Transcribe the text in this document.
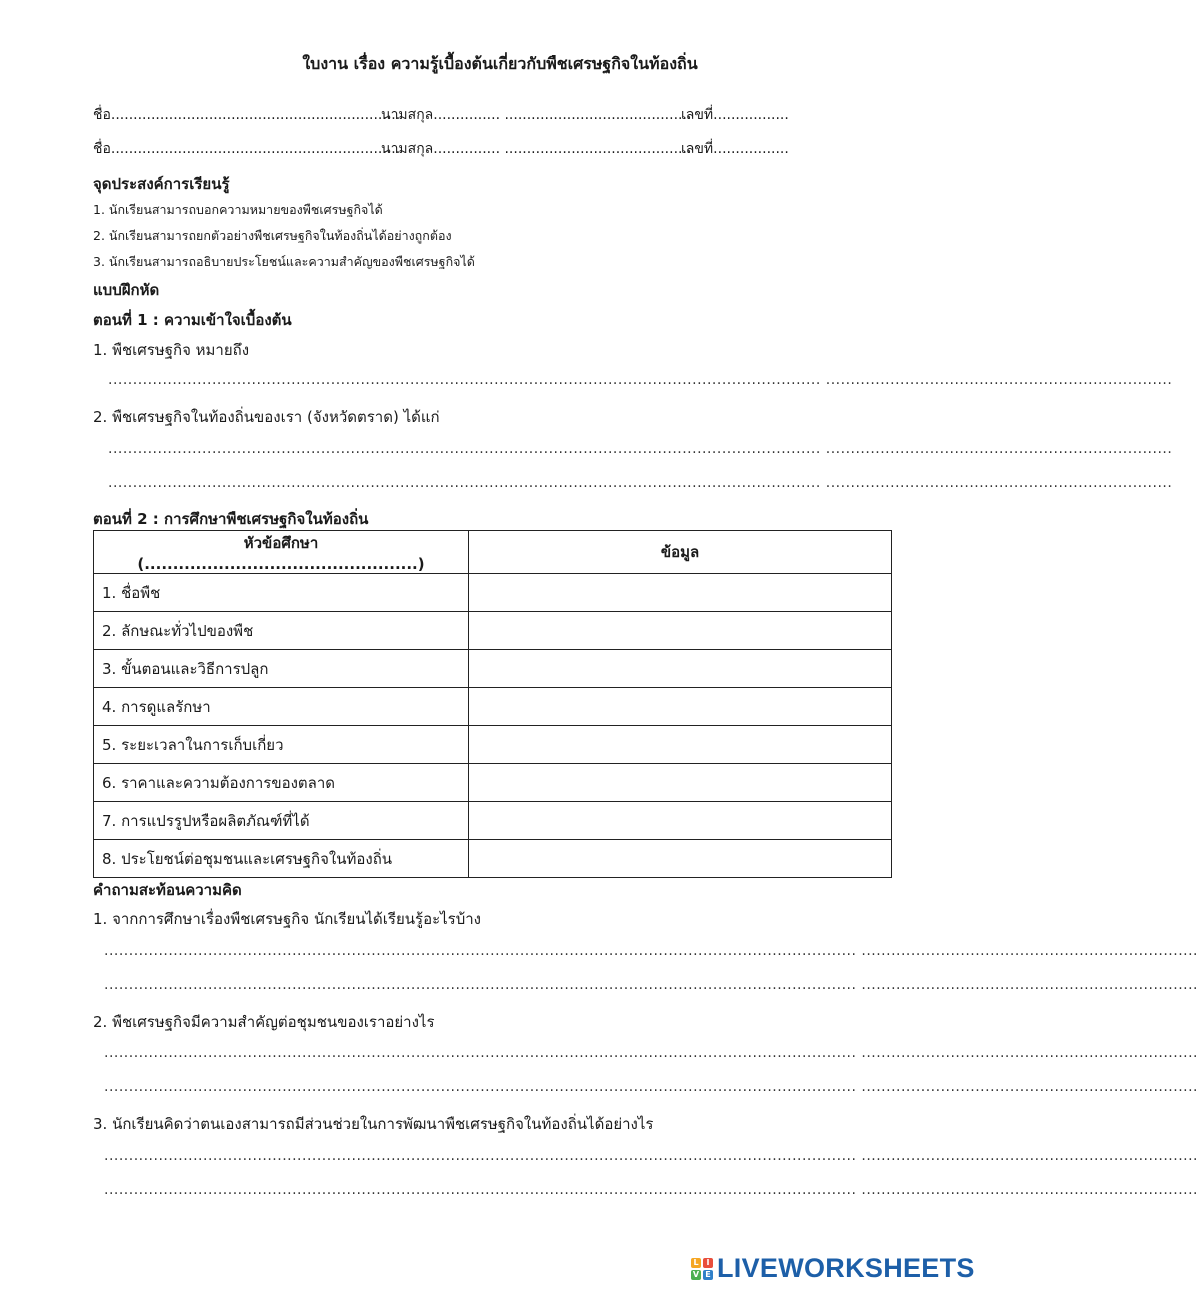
ใบงาน เรื่อง ความรู้เบื้องต้นเกี่ยวกับพืชเศรษฐกิจในท้องถิ่น
ชื่อ.................................................................
นามสกุล............... ..........................................
เลขที่.................
ชื่อ.................................................................
นามสกุล............... ..........................................
เลขที่.................
จุดประสงค์การเรียนรู้
1. นักเรียนสามารถบอกความหมายของพืชเศรษฐกิจได้
2. นักเรียนสามารถยกตัวอย่างพืชเศรษฐกิจในท้องถิ่นได้อย่างถูกต้อง
3. นักเรียนสามารถอธิบายประโยชน์และความสำคัญของพืชเศรษฐกิจได้
แบบฝึกหัด
ตอนที่ 1 : ความเข้าใจเบื้องต้น
1. พืชเศรษฐกิจ หมายถึง
................................................................................................................................................ ......................................................................
2. พืชเศรษฐกิจในท้องถิ่นของเรา (จังหวัดตราด) ได้แก่
................................................................................................................................................ ......................................................................
................................................................................................................................................ ......................................................................
ตอนที่ 2 : การศึกษาพืชเศรษฐกิจในท้องถิ่น
หัวข้อศึกษา (................................................)	ข้อมูล
1. ชื่อพืช	
2. ลักษณะทั่วไปของพืช	
3. ขั้นตอนและวิธีการปลูก	
4. การดูแลรักษา	
5. ระยะเวลาในการเก็บเกี่ยว	
6. ราคาและความต้องการของตลาด	
7. การแปรรูปหรือผลิตภัณฑ์ที่ได้	
8. ประโยชน์ต่อชุมชนและเศรษฐกิจในท้องถิ่น	
คำถามสะท้อนความคิด
1. จากการศึกษาเรื่องพืชเศรษฐกิจ นักเรียนได้เรียนรู้อะไรบ้าง
........................................................................................................................................................ ....................................................................
........................................................................................................................................................ ....................................................................
2. พืชเศรษฐกิจมีความสำคัญต่อชุมชนของเราอย่างไร
........................................................................................................................................................ ....................................................................
........................................................................................................................................................ ....................................................................
3. นักเรียนคิดว่าตนเองสามารถมีส่วนช่วยในการพัฒนาพืชเศรษฐกิจในท้องถิ่นได้อย่างไร
........................................................................................................................................................ ....................................................................
........................................................................................................................................................ ....................................................................
L I
V E LIVEWORKSHEETS
